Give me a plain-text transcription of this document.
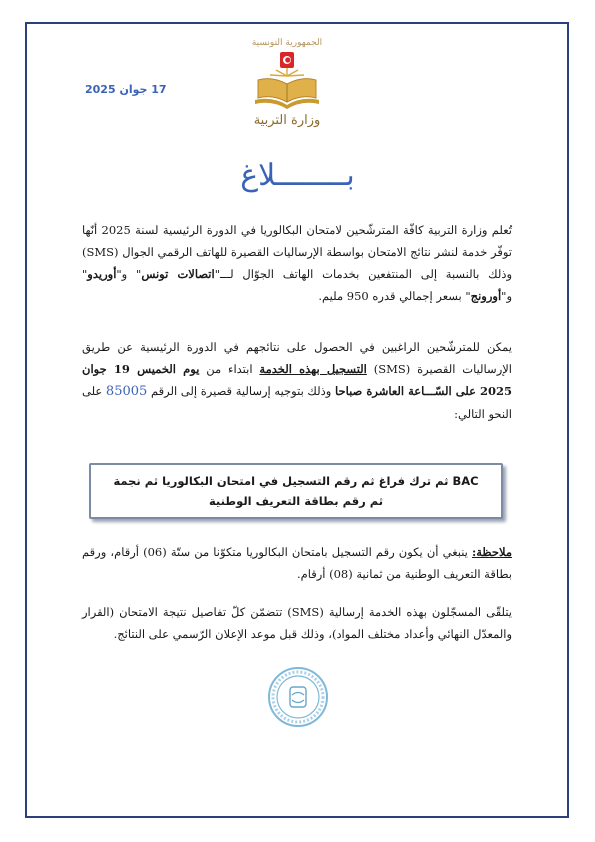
17 جوان 2025
الجمهورية التونسية
وزارة التربية
بــــــــلاغ
تُعلم وزارة التربية كافّة المترشّحين لامتحان البكالوريا في الدورة الرئيسية لسنة 2025 أنّها توفّر خدمة لنشر نتائج الامتحان بواسطة الإرساليات القصيرة للهاتف الرقمي الجوال (SMS) وذلك بالنسبة إلى المنتفعين بخدمات الهاتف الجوّال لـــ"اتصالات تونس" و"أوريدو" و"أورونج" بسعر إجمالي قدره 950 مليم.
يمكن للمترشّحين الراغبين في الحصول على نتائجهم في الدورة الرئيسية عن طريق الإرساليات القصيرة (SMS) التسجيل بهذه الخدمة ابتداء من يوم الخميس 19 جوان 2025 على السّـــاعة العاشرة صباحا وذلك بتوجيه إرسالية قصيرة إلى الرقم 85005 على النحو التالي:
BAC ثم ترك فراغ ثم رقم التسجيل في امتحان البكالوريا ثم نجمة
ثم رقم بطاقة التعريف الوطنية
ملاحظة: ينبغي أن يكون رقم التسجيل بامتحان البكالوريا متكوّنا من ستّة (06) أرقام، ورقم بطاقة التعريف الوطنية من ثمانية (08) أرقام.
يتلقّى المسجّلون بهذه الخدمة إرسالية (SMS) تتضمّن كلّ تفاصيل نتيجة الامتحان (القرار والمعدّل النهائي وأعداد مختلف المواد)، وذلك قبل موعد الإعلان الرّسمي على النتائج.
